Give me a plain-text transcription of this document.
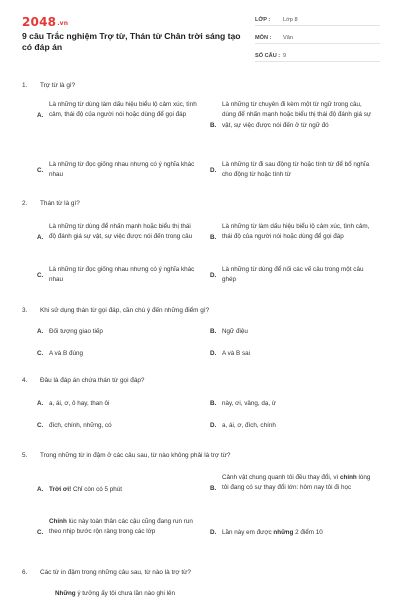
2048.vn
9 câu Trắc nghiệm Trợ từ, Thán từ Chân trời sáng tạo có đáp án
LỚP :	Lớp 8
MÔN :	Văn
SỐ CÂU : 9
1. Trợ từ là gì?
A.
Là những từ dùng làm dấu hiệu biểu lộ cảm xúc, tình cảm, thái độ của người nói hoặc dùng để gọi đáp
B.
Là những từ chuyên đi kèm một từ ngữ trong câu, dùng để nhấn mạnh hoặc biểu thị thái độ đánh giá sự vật, sự việc được nói đến ở từ ngữ đó
C.
Là những từ đọc giống nhau nhưng có ý nghĩa khác nhau
D.
Là những từ đi sau động từ hoặc tính từ để bổ nghĩa cho động từ hoặc tính từ
2. Thán từ là gì?
A.
Là những từ dùng để nhấn mạnh hoặc biểu thị thái độ đánh giá sự vật, sự việc được nói đến trong câu	B.
Là những từ làm dấu hiệu biểu lộ cảm xúc, tình cảm, thái độ của người nói hoặc dùng để gọi đáp
C.
Là những từ đọc giống nhau nhưng có ý nghĩa khác nhau
D.
Là những từ dùng để nối các vế câu trong một câu ghép
3. Khi sử dụng thán từ gọi đáp, cần chú ý đến những điểm gì?
A. Đối tượng giao tiếp	B. Ngữ điệu
C. A và B đúng	D. A và B sai
4. Đâu là đáp án chứa thán từ gọi đáp?
A. a, ái, ơ, ô hay, than ôi	B. này, ơi, vâng, dạ, ừ
C. đích, chính, những, có	D. a, ái, ơ, đích, chính
5. Trong những từ in đậm ở các câu sau, từ nào không phải là trợ từ?
A. Trời ơi! Chỉ còn có 5 phút	B.
Cảnh vật chung quanh tôi đều thay đổi, vì chính lòng tôi đang có sự thay đổi lớn: hôm nay tôi đi học
C.
Chính lúc này toàn thân các cậu cũng đang run run theo nhịp bước rộn ràng trong các lớp	D. Lần này em được những 2 điểm 10
6. Các từ in đậm trong những câu sau, từ nào là trợ từ?
Những ý tưởng ấy tôi chưa lần nào ghi lên
